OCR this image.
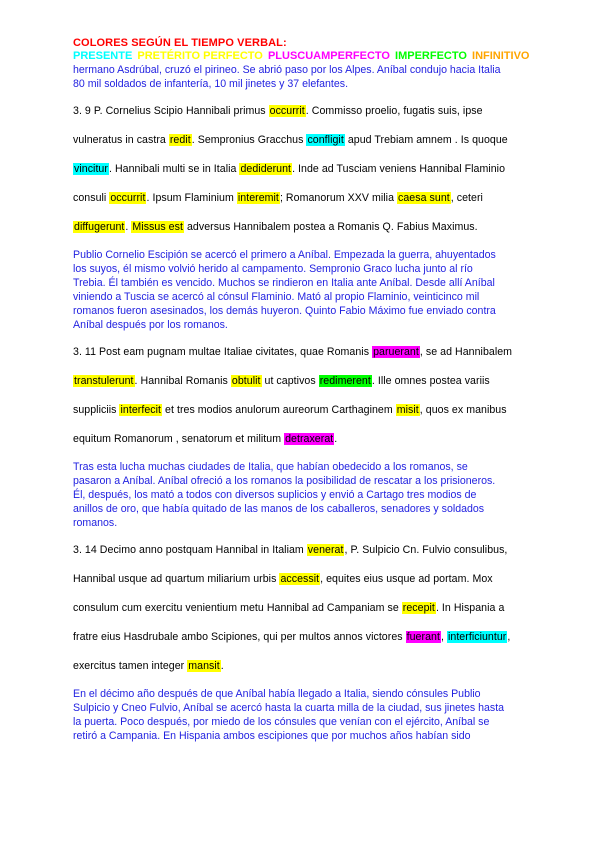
COLORES SEGÚN EL TIEMPO VERBAL:
PRESENTE PRETÉRITO PERFECTO PLUSCUAMPERFECTO IMPERFECTO INFINITIVO
hermano Asdrúbal, cruzó el pirineo. Se abrió paso por los Alpes. Aníbal condujo hacia Italia
80 mil soldados de infantería, 10 mil jinetes y 37 elefantes.
3. 9 P. Cornelius Scipio Hannibali primus occurrit. Commisso proelio, fugatis suis, ipse
vulneratus in castra redit. Sempronius Gracchus confligit apud Trebiam amnem . Is quoque
vincitur. Hannibali multi se in Italia dediderunt. Inde ad Tusciam veniens Hannibal Flaminio
consuli occurrit. Ipsum Flaminium interemit; Romanorum XXV milia caesa sunt, ceteri
diffugerunt. Missus est adversus Hannibalem postea a Romanis Q. Fabius Maximus.
Publio Cornelio Escipión se acercó el primero a Aníbal. Empezada la guerra, ahuyentados
los suyos, él mismo volvió herido al campamento. Sempronio Graco lucha junto al río
Trebia. Él también es vencido. Muchos se rindieron en Italia ante Aníbal. Desde allí Aníbal
viniendo a Tuscia se acercó al cónsul Flaminio. Mató al propio Flaminio, veinticinco mil
romanos fueron asesinados, los demás huyeron. Quinto Fabio Máximo fue enviado contra
Aníbal después por los romanos.
3. 11 Post eam pugnam multae Italiae civitates, quae Romanis paruerant, se ad Hannibalem
transtulerunt. Hannibal Romanis obtulit ut captivos redimerent. Ille omnes postea variis
suppliciis interfecit et tres modios anulorum aureorum Carthaginem misit, quos ex manibus
equitum Romanorum , senatorum et militum detraxerat.
Tras esta lucha muchas ciudades de Italia, que habían obedecido a los romanos, se
pasaron a Aníbal. Aníbal ofreció a los romanos la posibilidad de rescatar a los prisioneros.
Él, después, los mató a todos con diversos suplicios y envió a Cartago tres modios de
anillos de oro, que había quitado de las manos de los caballeros, senadores y soldados
romanos.
3. 14 Decimo anno postquam Hannibal in Italiam venerat, P. Sulpicio Cn. Fulvio consulibus,
Hannibal usque ad quartum miliarium urbis accessit, equites eius usque ad portam. Mox
consulum cum exercitu venientium metu Hannibal ad Campaniam se recepit. In Hispania a
fratre eius Hasdrubale ambo Scipiones, qui per multos annos victores fuerant, interficiuntur,
exercitus tamen integer mansit.
En el décimo año después de que Aníbal había llegado a Italia, siendo cónsules Publio
Sulpicio y Cneo Fulvio, Aníbal se acercó hasta la cuarta milla de la ciudad, sus jinetes hasta
la puerta. Poco después, por miedo de los cónsules que venían con el ejército, Aníbal se
retiró a Campania. En Hispania ambos escipiones que por muchos años habían sido
